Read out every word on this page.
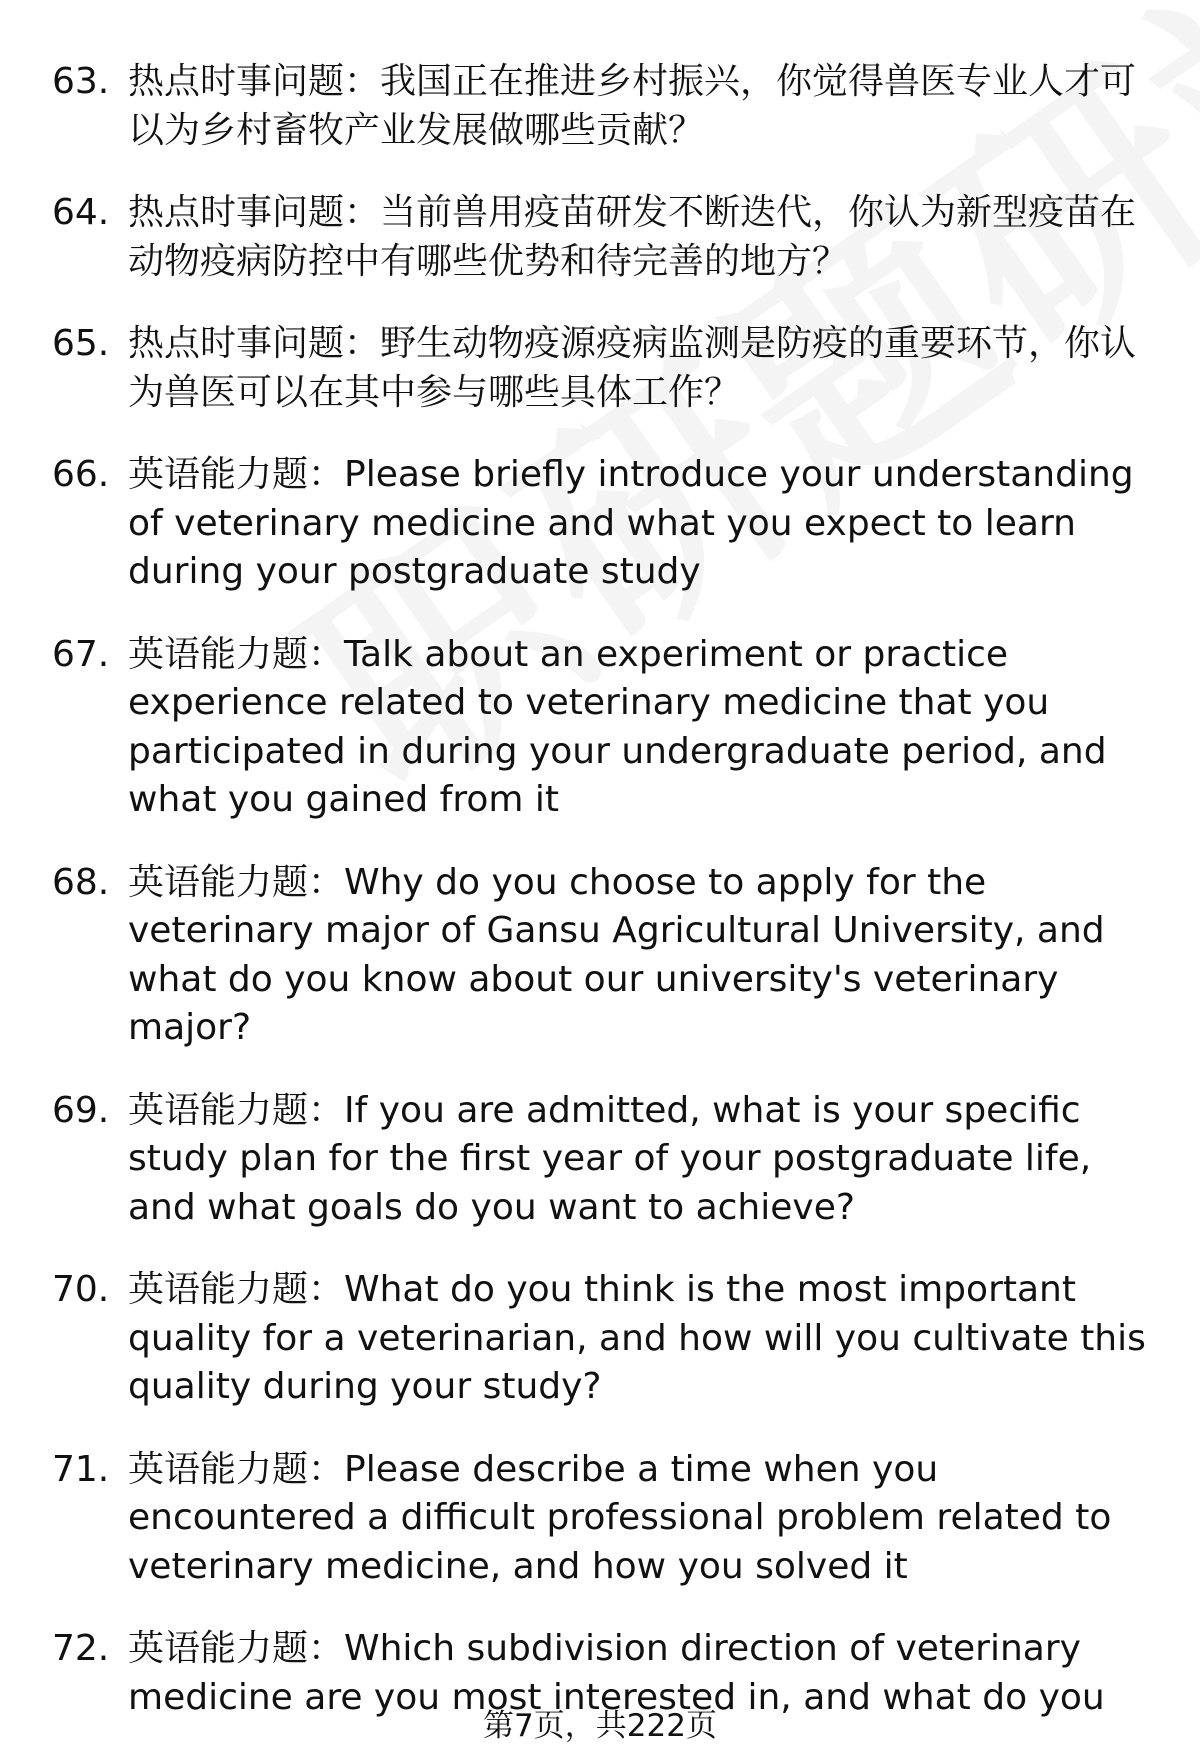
63. 热点时事问题：我国正在推进乡村振兴，你觉得兽医专业人才可以为乡村畜牧产业发展做哪些贡献？
64. 热点时事问题：当前兽用疫苗研发不断迭代，你认为新型疫苗在动物疫病防控中有哪些优势和待完善的地方？
65. 热点时事问题：野生动物疫源疫病监测是防疫的重要环节，你认为兽医可以在其中参与哪些具体工作？
66. 英语能力题：Please briefly introduce your understanding of veterinary medicine and what you expect to learn during your postgraduate study
67. 英语能力题：Talk about an experiment or practice experience related to veterinary medicine that you participated in during your undergraduate period, and what you gained from it
68. 英语能力题：Why do you choose to apply for the veterinary major of Gansu Agricultural University, and what do you know about our university's veterinary major?
69. 英语能力题：If you are admitted, what is your specific study plan for the first year of your postgraduate life, and what goals do you want to achieve?
70. 英语能力题：What do you think is the most important quality for a veterinarian, and how will you cultivate this quality during your study?
71. 英语能力题：Please describe a time when you encountered a difficult professional problem related to veterinary medicine, and how you solved it
72. 英语能力题：Which subdivision direction of veterinary medicine are you most interested in, and what do you
第7页，共222页
